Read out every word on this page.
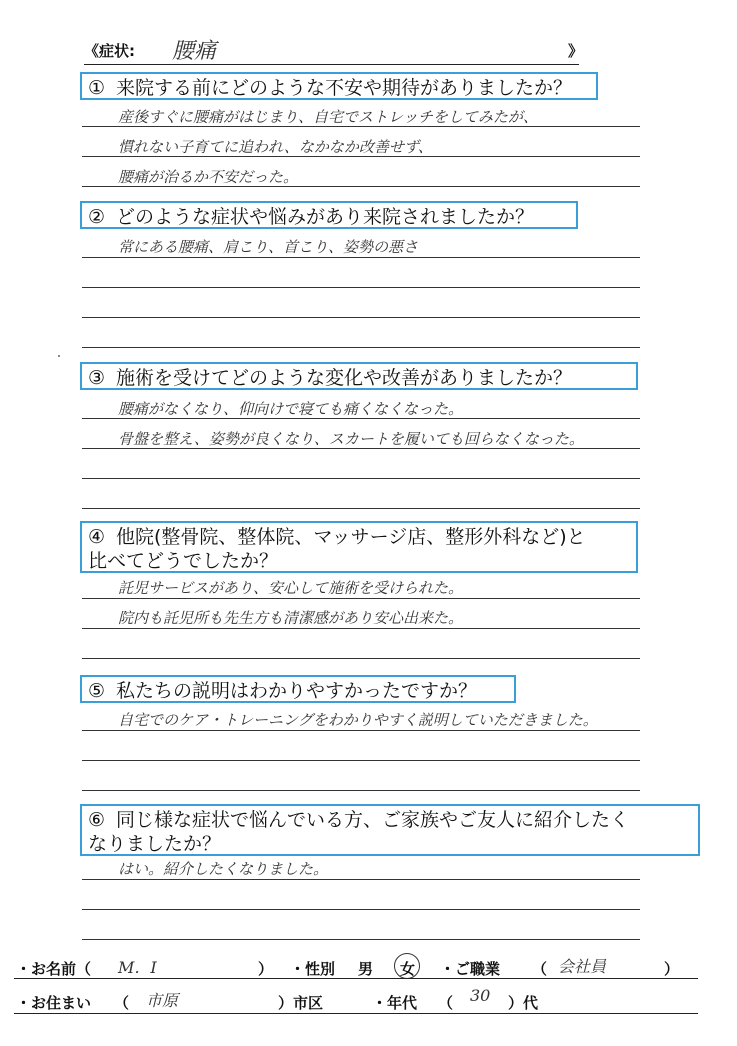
《症状: 腰痛	》
① 来院する前にどのような不安や期待がありましたか？
産後すぐに腰痛がはじまり、自宅でストレッチをしてみたが、
慣れない子育てに追われ、なかなか改善せず、
腰痛が治るか不安だった。
② どのような症状や悩みがあり来院されましたか？
常にある腰痛、肩こり、首こり、姿勢の悪さ
③ 施術を受けてどのような変化や改善がありましたか？
腰痛がなくなり、仰向けで寝ても痛くなくなった。
骨盤を整え、姿勢が良くなり、スカートを履いても回らなくなった。
④ 他院(整骨院、整体院、マッサージ店、整形外科など)と
比べてどうでしたか？
託児サービスがあり、安心して施術を受けられた。
院内も託児所も先生方も清潔感があり安心出来た。
⑤ 私たちの説明はわかりやすかったですか？
自宅でのケア・トレーニングをわかりやすく説明していただきました。
⑥ 同じ様な症状で悩んでいる方、ご家族やご友人に紹介したく
なりましたか？
はい。紹介したくなりました。
・お名前（ M．I	） ・性別 男 女 ・ご職業 （ 会社員	）
・お住まい （ 市原	）市区	・年代 （ 30 ）代
